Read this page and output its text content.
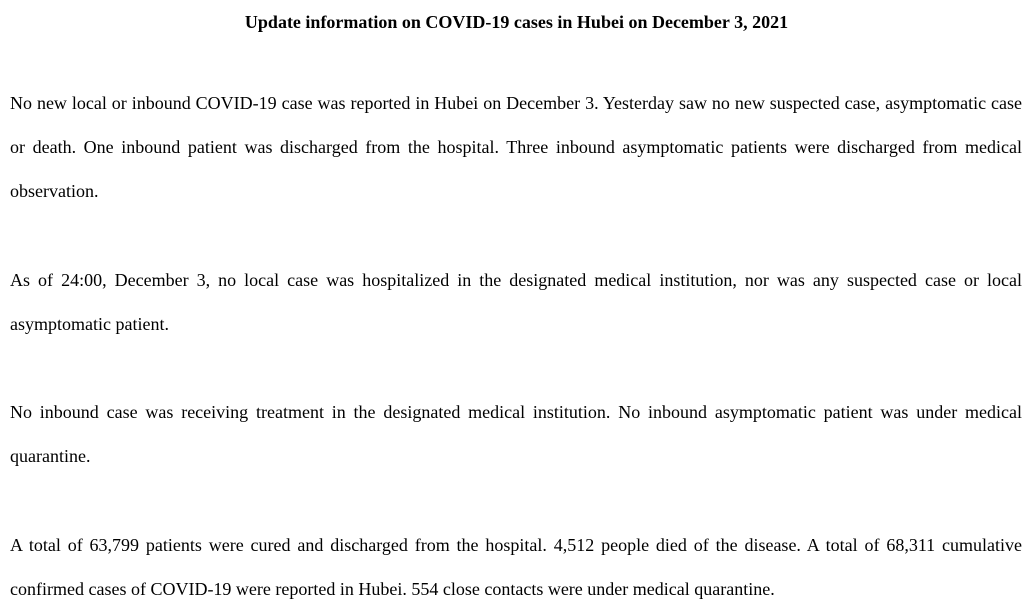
Update information on COVID-19 cases in Hubei on December 3, 2021

No new local or inbound COVID-19 case was reported in Hubei on December 3. Yesterday saw no new suspected case, asymptomatic case or death. One inbound patient was discharged from the hospital. Three inbound asymptomatic patients were discharged from medical observation.

As of 24:00, December 3, no local case was hospitalized in the designated medical institution, nor was any suspected case or local asymptomatic patient.

No inbound case was receiving treatment in the designated medical institution. No inbound asymptomatic patient was under medical quarantine.

A total of 63,799 patients were cured and discharged from the hospital. 4,512 people died of the disease. A total of 68,311 cumulative confirmed cases of COVID-19 were reported in Hubei. 554 close contacts were under medical quarantine.
